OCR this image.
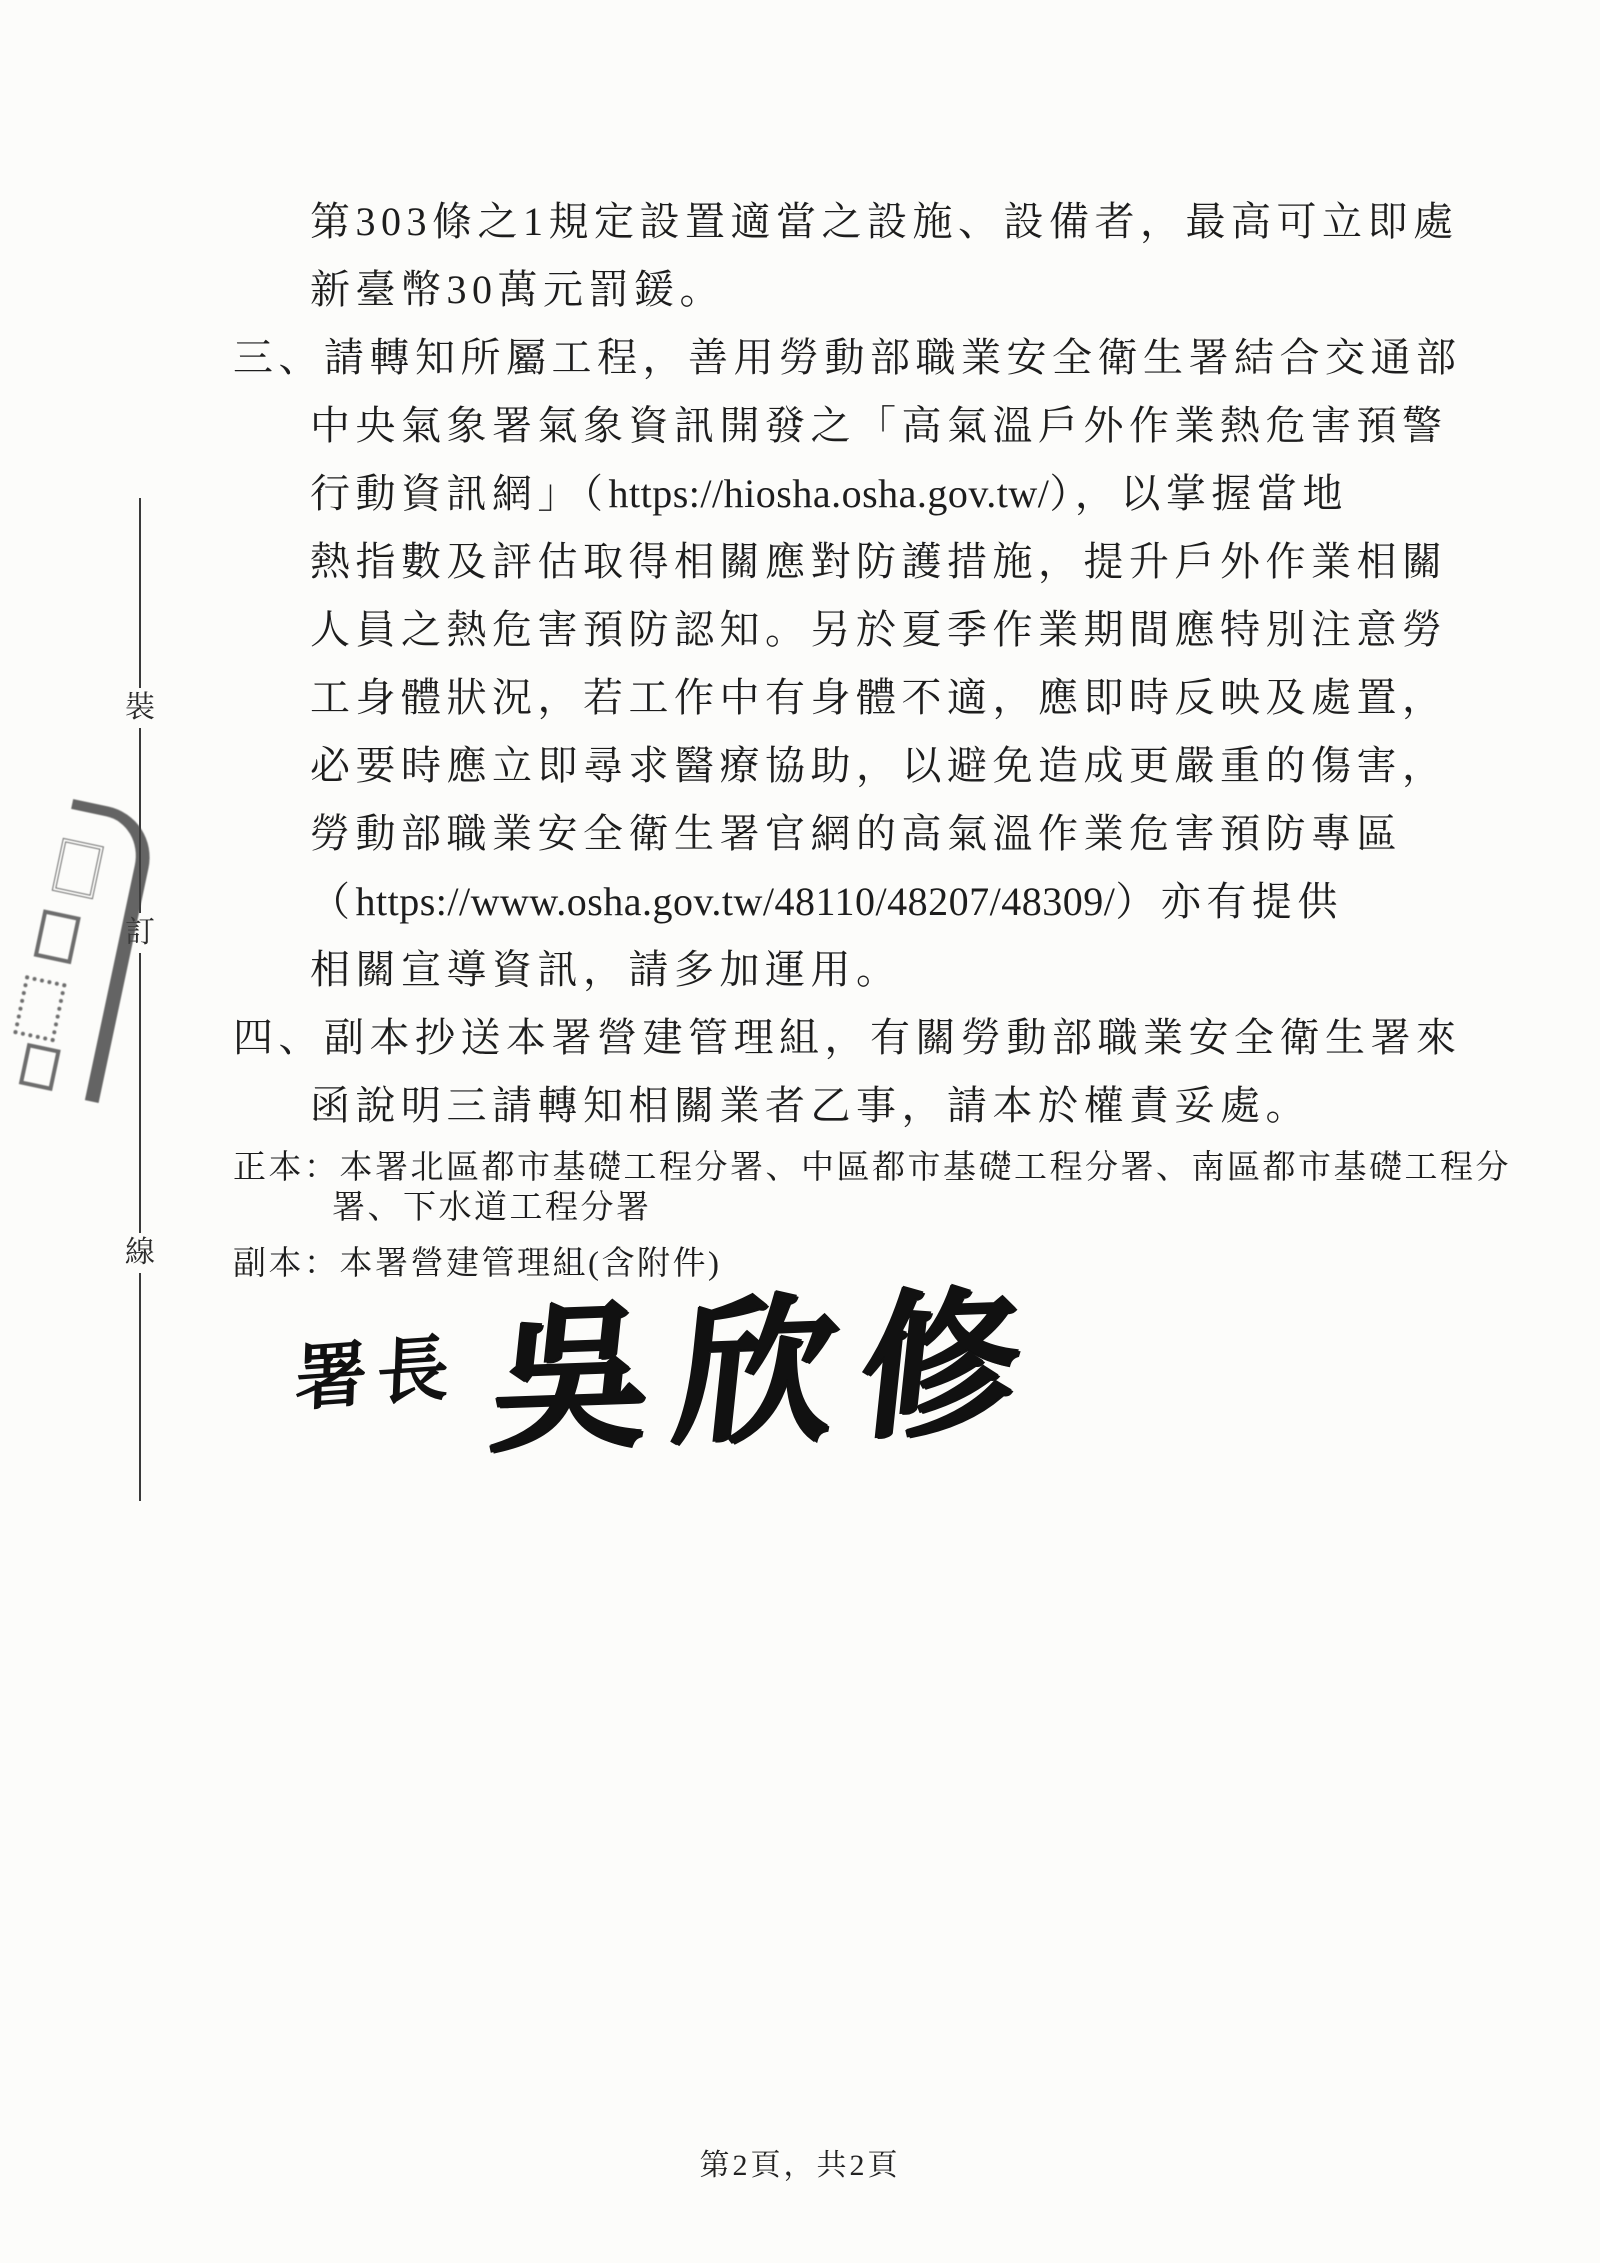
裝
訂
線
第303條之1規定設置適當之設施、設備者，最高可立即處
新臺幣30萬元罰鍰。
三、請轉知所屬工程，善用勞動部職業安全衛生署結合交通部
中央氣象署氣象資訊開發之「高氣溫戶外作業熱危害預警
行動資訊網」（https://hiosha.osha.gov.tw/），以掌握當地
熱指數及評估取得相關應對防護措施，提升戶外作業相關
人員之熱危害預防認知。另於夏季作業期間應特別注意勞
工身體狀況，若工作中有身體不適，應即時反映及處置，
必要時應立即尋求醫療協助，以避免造成更嚴重的傷害，
勞動部職業安全衛生署官網的高氣溫作業危害預防專區
（https://www.osha.gov.tw/48110/48207/48309/）亦有提供
相關宣導資訊，請多加運用。
四、副本抄送本署營建管理組，有關勞動部職業安全衛生署來
函說明三請轉知相關業者乙事，請本於權責妥處。
正本：本署北區都市基礎工程分署、中區都市基礎工程分署、南區都市基礎工程分
署、下水道工程分署
副本：本署營建管理組(含附件)
署長 吳欣修
第2頁，共2頁
